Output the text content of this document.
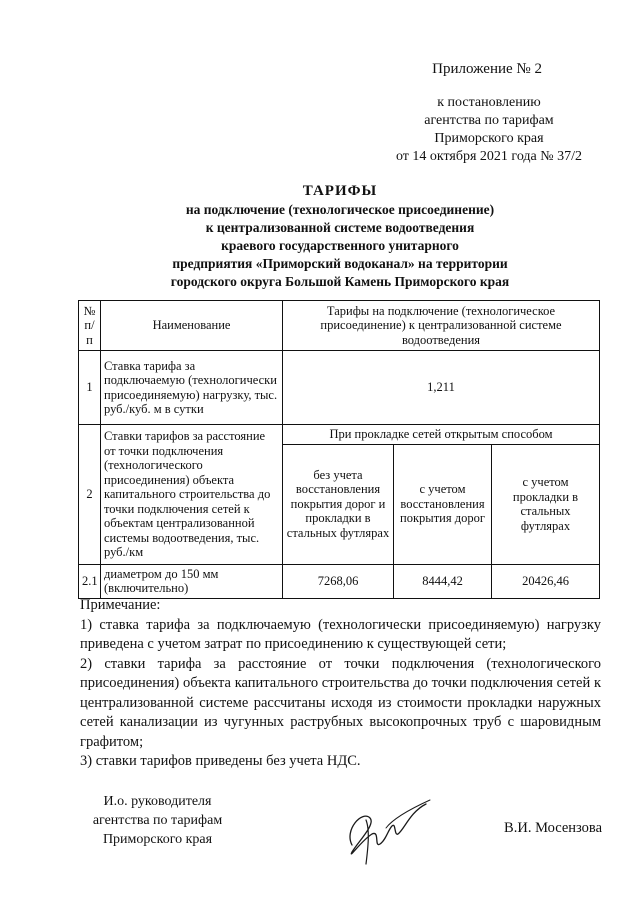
Приложение № 2
к постановлению
агентства по тарифам
Приморского края
от 14 октября 2021 года № 37/2
ТАРИФЫ
на подключение (технологическое присоединение)
к централизованной системе водоотведения
краевого государственного унитарного
предприятия «Приморский водоканал» на территории
городского округа Большой Камень Приморского края
№ п/п	Наименование	Тарифы на подключение (технологическое присоединение) к централизованной системе водоотведения		
1	Ставка тарифа за подключаемую (технологически присоединяемую) нагрузку, тыс. руб./куб. м в сутки	1,211		
2	Ставки тарифов за расстояние от точки подключения (технологического присоединения) объекта капитального строительства до точки подключения сетей к объектам централизованной системы водоотведения, тыс. руб./км	При прокладке сетей открытым способом		
		без учета восстановления покрытия дорог и прокладки в стальных футлярах	с учетом восстановления покрытия дорог	с учетом прокладки в стальных футлярах
2.1	диаметром до 150 мм (включительно)	7268,06	8444,42	20426,46

Примечание:

1) ставка тарифа за подключаемую (технологически присоединяемую) нагрузку приведена с учетом затрат по присоединению к существующей сети;

2) ставки тарифа за расстояние от точки подключения (технологического присоединения) объекта капитального строительства до точки подключения сетей к централизованной системе рассчитаны исходя из стоимости прокладки наружных сетей канализации из чугунных раструбных высокопрочных труб с шаровидным графитом;

3) ставки тарифов приведены без учета НДС.

И.о. руководителя
агентства по тарифам
Приморского края
В.И. Мосензова
